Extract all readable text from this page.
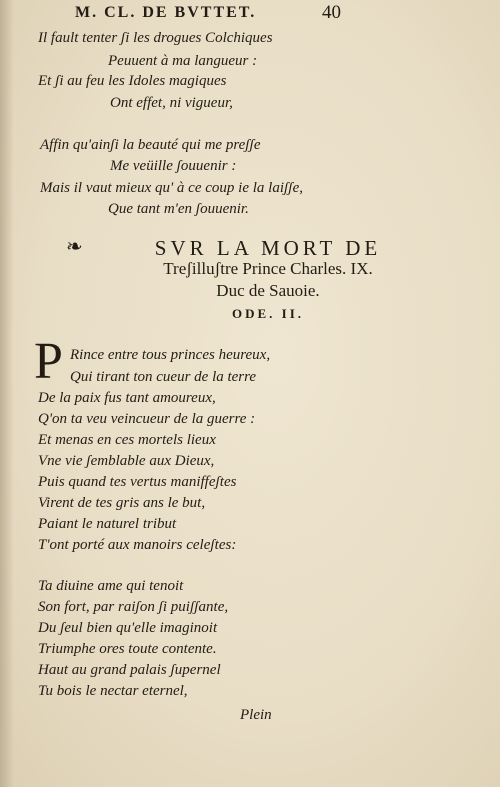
M. CL. DE BVTTET.	40
Il fault tenter ʃi les drogues Colchiques
Peuuent à ma langueur :
Et ʃi au feu les Idoles magiques
Ont effet, ni vigueur,
Affin qu'ainʃi la beauté qui me preʃʃe
Me veüille ʃouuenir :
Mais il vaut mieux qu' à ce coup ie la laiʃʃe,
Que tant m'en ʃouuenir.
❧	SVR LA MORT DE
Treʃilluʃtre Prince Charles. IX.
Duc de Sauoie.
ODE. II.
P Rince entre tous princes heureux,
Qui tirant ton cueur de la terre
De la paix fus tant amoureux,
Q'on ta veu veincueur de la guerre :
Et menas en ces mortels lieux
Vne vie ʃemblable aux Dieux,
Puis quand tes vertus maniffeʃtes
Virent de tes gris ans le but,
Paiant le naturel tribut
T'ont porté aux manoirs celeʃtes:
Ta diuine ame qui tenoit
Son fort, par raiʃon ʃi puiʃʃante,
Du ʃeul bien qu'elle imaginoit
Triumphe ores toute contente.
Haut au grand palais ʃupernel
Tu bois le nectar eternel,
Plein
